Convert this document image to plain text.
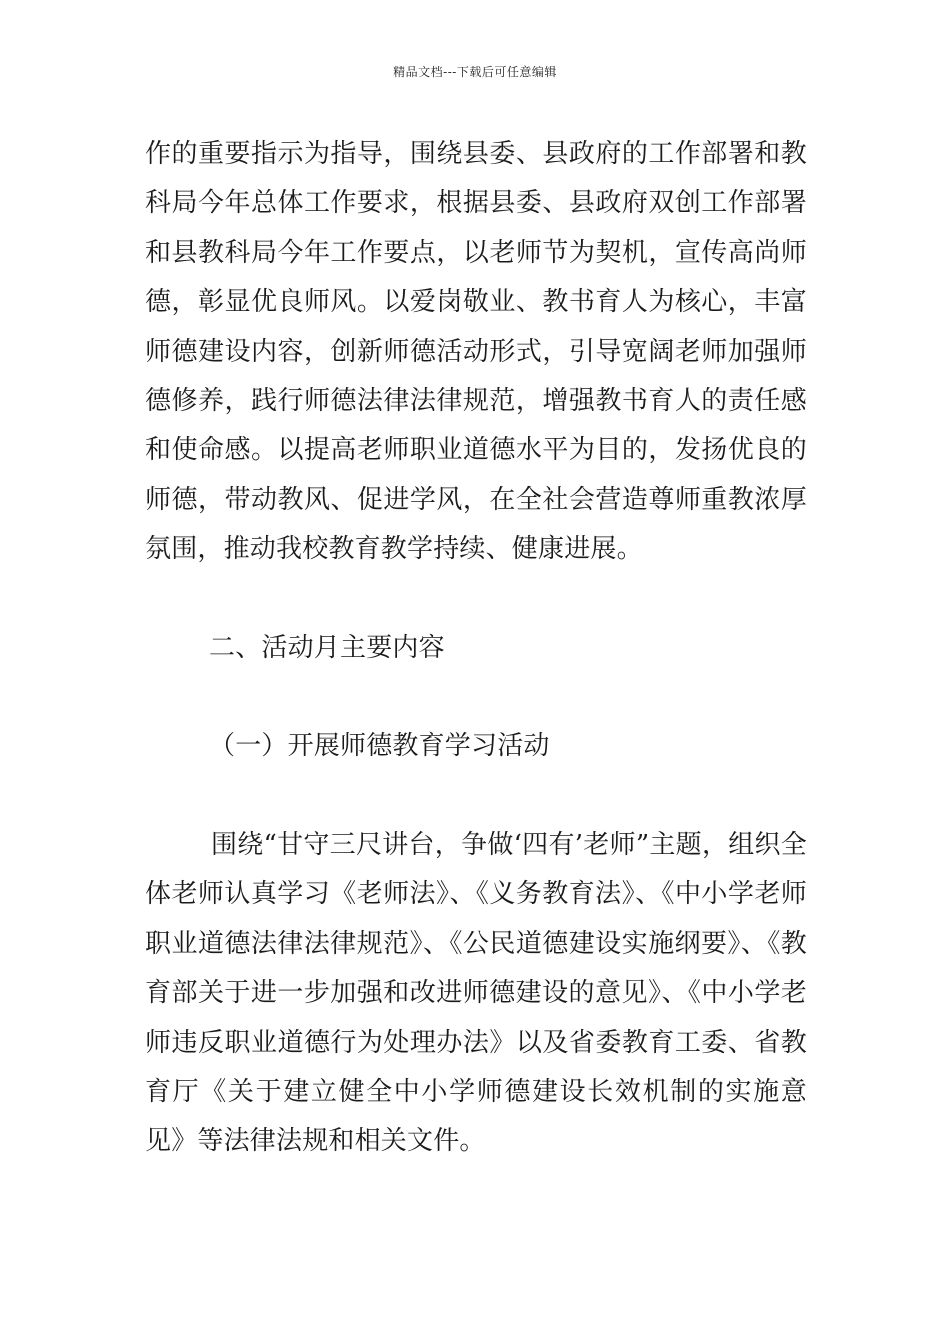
精品文档---下载后可任意编辑

作的重要指示为指导，围绕县委、县政府的工作部署和教科局今年总体工作要求，根据县委、县政府双创工作部署和县教科局今年工作要点，以老师节为契机，宣传高尚师德，彰显优良师风。以爱岗敬业、教书育人为核心，丰富师德建设内容，创新师德活动形式，引导宽阔老师加强师德修养，践行师德法律法律规范，增强教书育人的责任感和使命感。以提高老师职业道德水平为目的，发扬优良的师德，带动教风、促进学风，在全社会营造尊师重教浓厚氛围，推动我校教育教学持续、健康进展。

二、活动月主要内容

（一）开展师德教育学习活动

围绕“甘守三尺讲台，争做‘四有’老师”主题，组织全体老师认真学习《老师法》、《义务教育法》、《中小学老师职业道德法律法律规范》、《公民道德建设实施纲要》、《教育部关于进一步加强和改进师德建设的意见》、《中小学老师违反职业道德行为处理办法》以及省委教育工委、省教育厅《关于建立健全中小学师德建设长效机制的实施意见》等法律法规和相关文件。
